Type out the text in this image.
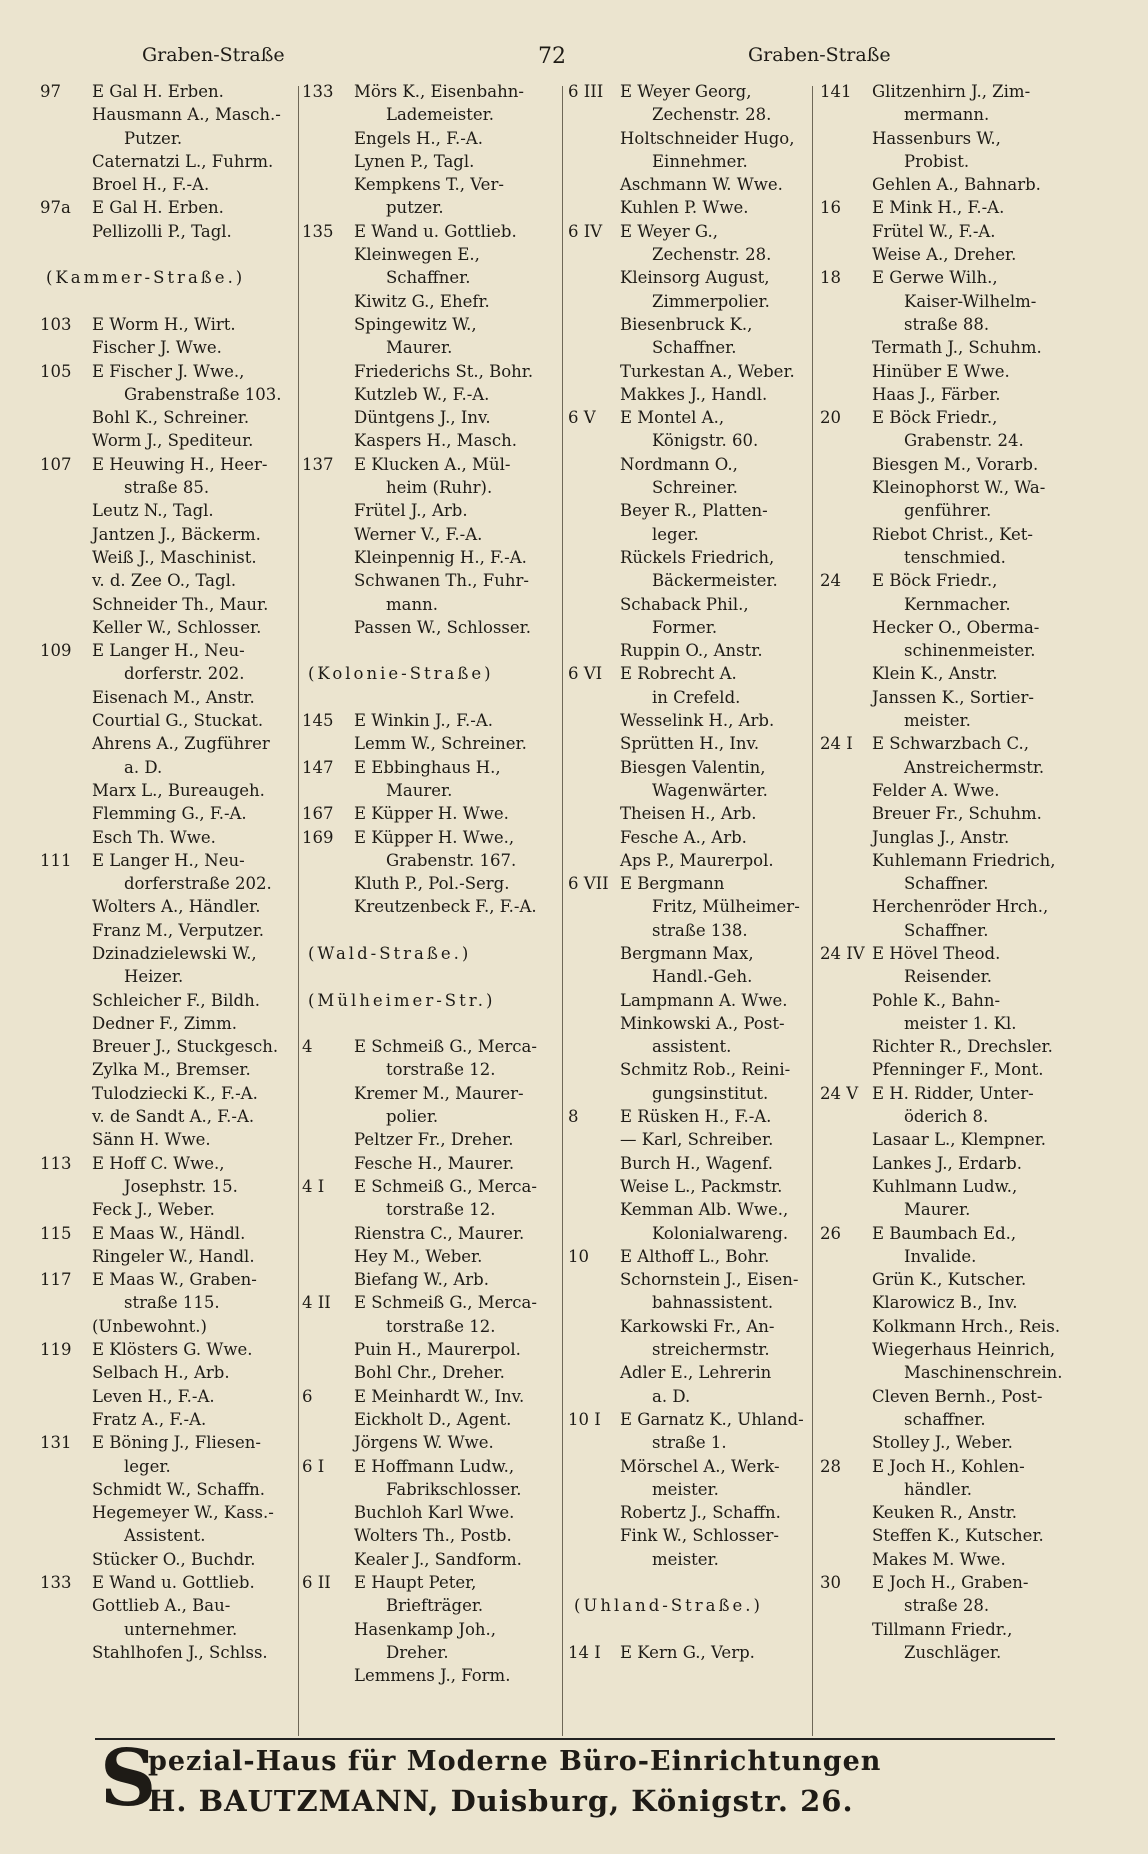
Graben-Straße	72	Graben-Straße
97 E Gal H. Erben.
Hausmann A., Masch.-
Putzer.
Caternatzi L., Fuhrm.
Broel H., F.-A.
97a E Gal H. Erben.
Pellizolli P., Tagl.
(Kammer-Straße.)
103 E Worm H., Wirt.
Fischer J. Wwe.
105 E Fischer J. Wwe.,
Grabenstraße 103.
Bohl K., Schreiner.
Worm J., Spediteur.
107 E Heuwing H., Heer-
straße 85.
Leutz N., Tagl.
Jantzen J., Bäckerm.
Weiß J., Maschinist.
v. d. Zee O., Tagl.
Schneider Th., Maur.
Keller W., Schlosser.
109 E Langer H., Neu-
dorferstr. 202.
Eisenach M., Anstr.
Courtial G., Stuckat.
Ahrens A., Zugführer
a. D.
Marx L., Bureaugeh.
Flemming G., F.-A.
Esch Th. Wwe.
111 E Langer H., Neu-
dorferstraße 202.
Wolters A., Händler.
Franz M., Verputzer.
Dzinadzielewski W.,
Heizer.
Schleicher F., Bildh.
Dedner F., Zimm.
Breuer J., Stuckgesch.
Zylka M., Bremser.
Tulodziecki K., F.-A.
v. de Sandt A., F.-A.
Sänn H. Wwe.
113 E Hoff C. Wwe.,
Josephstr. 15.
Feck J., Weber.
115 E Maas W., Händl.
Ringeler W., Handl.
117 E Maas W., Graben-
straße 115.
(Unbewohnt.)
119 E Klösters G. Wwe.
Selbach H., Arb.
Leven H., F.-A.
Fratz A., F.-A.
131 E Böning J., Fliesen-
leger.
Schmidt W., Schaffn.
Hegemeyer W., Kass.-
Assistent.
Stücker O., Buchdr.
133 E Wand u. Gottlieb.
Gottlieb A., Bau-
unternehmer.
Stahlhofen J., Schlss.
133 Mörs K., Eisenbahn-
Lademeister.
Engels H., F.-A.
Lynen P., Tagl.
Kempkens T., Ver-
putzer.
135 E Wand u. Gottlieb.
Kleinwegen E.,
Schaffner.
Kiwitz G., Ehefr.
Spingewitz W.,
Maurer.
Friederichs St., Bohr.
Kutzleb W., F.-A.
Düntgens J., Inv.
Kaspers H., Masch.
137 E Klucken A., Mül-
heim (Ruhr).
Frütel J., Arb.
Werner V., F.-A.
Kleinpennig H., F.-A.
Schwanen Th., Fuhr-
mann.
Passen W., Schlosser.
(Kolonie-Straße)
145 E Winkin J., F.-A.
Lemm W., Schreiner.
147 E Ebbinghaus H.,
Maurer.
167 E Küpper H. Wwe.
169 E Küpper H. Wwe.,
Grabenstr. 167.
Kluth P., Pol.-Serg.
Kreutzenbeck F., F.-A.
(Wald-Straße.)
(Mülheimer-Str.)
4	E Schmeiß G., Merca-
torstraße 12.
Kremer M., Maurer-
polier.
Peltzer Fr., Dreher.
Fesche H., Maurer.
4 I E Schmeiß G., Merca-
torstraße 12.
Rienstra C., Maurer.
Hey M., Weber.
Biefang W., Arb.
4 II E Schmeiß G., Merca-
torstraße 12.
Puin H., Maurerpol.
Bohl Chr., Dreher.
6	E Meinhardt W., Inv.
Eickholt D., Agent.
Jörgens W. Wwe.
6 I E Hoffmann Ludw.,
Fabrikschlosser.
Buchloh Karl Wwe.
Wolters Th., Postb.
Kealer J., Sandform.
6 II E Haupt Peter,
Briefträger.
Hasenkamp Joh.,
Dreher.
Lemmens J., Form.
6 III E Weyer Georg,
Zechenstr. 28.
Holtschneider Hugo,
Einnehmer.
Aschmann W. Wwe.
Kuhlen P. Wwe.
6 IV E Weyer G.,
Zechenstr. 28.
Kleinsorg August,
Zimmerpolier.
Biesenbruck K.,
Schaffner.
Turkestan A., Weber.
Makkes J., Handl.
6 V E Montel A.,
Königstr. 60.
Nordmann O.,
Schreiner.
Beyer R., Platten-
leger.
Rückels Friedrich,
Bäckermeister.
Schaback Phil.,
Former.
Ruppin O., Anstr.
6 VI E Robrecht A.
in Crefeld.
Wesselink H., Arb.
Sprütten H., Inv.
Biesgen Valentin,
Wagenwärter.
Theisen H., Arb.
Fesche A., Arb.
Aps P., Maurerpol.
6 VII E Bergmann
Fritz, Mülheimer-
straße 138.
Bergmann Max,
Handl.-Geh.
Lampmann A. Wwe.
Minkowski A., Post-
assistent.
Schmitz Rob., Reini-
gungsinstitut.
8	E Rüsken H., F.-A.
— Karl, Schreiber.
Burch H., Wagenf.
Weise L., Packmstr.
Kemman Alb. Wwe.,
Kolonialwareng.
10 E Althoff L., Bohr.
Schornstein J., Eisen-
bahnassistent.
Karkowski Fr., An-
streichermstr.
Adler E., Lehrerin
a. D.
10 I E Garnatz K., Uhland-
straße 1.
Mörschel A., Werk-
meister.
Robertz J., Schaffn.
Fink W., Schlosser-
meister.
(Uhland-Straße.)
14 I E Kern G., Verp.
141 Glitzenhirn J., Zim-
mermann.
Hassenburs W.,
Probist.
Gehlen A., Bahnarb.
16 E Mink H., F.-A.
Frütel W., F.-A.
Weise A., Dreher.
18 E Gerwe Wilh.,
Kaiser-Wilhelm-
straße 88.
Termath J., Schuhm.
Hinüber E Wwe.
Haas J., Färber.
20 E Böck Friedr.,
Grabenstr. 24.
Biesgen M., Vorarb.
Kleinophorst W., Wa-
genführer.
Riebot Christ., Ket-
tenschmied.
24 E Böck Friedr.,
Kernmacher.
Hecker O., Oberma-
schinenmeister.
Klein K., Anstr.
Janssen K., Sortier-
meister.
24 I E Schwarzbach C.,
Anstreichermstr.
Felder A. Wwe.
Breuer Fr., Schuhm.
Junglas J., Anstr.
Kuhlemann Friedrich,
Schaffner.
Herchenröder Hrch.,
Schaffner.
24 IV E Hövel Theod.
Reisender.
Pohle K., Bahn-
meister 1. Kl.
Richter R., Drechsler.
Pfenninger F., Mont.
24 V E H. Ridder, Unter-
öderich 8.
Lasaar L., Klempner.
Lankes J., Erdarb.
Kuhlmann Ludw.,
Maurer.
26 E Baumbach Ed.,
Invalide.
Grün K., Kutscher.
Klarowicz B., Inv.
Kolkmann Hrch., Reis.
Wiegerhaus Heinrich,
Maschinenschrein.
Cleven Bernh., Post-
schaffner.
Stolley J., Weber.
28 E Joch H., Kohlen-
händler.
Keuken R., Anstr.
Steffen K., Kutscher.
Makes M. Wwe.
30 E Joch H., Graben-
straße 28.
Tillmann Friedr.,
Zuschläger.
S
pezial-Haus für Moderne Büro-Einrichtungen
H. BAUTZMANN, Duisburg, Königstr. 26.
